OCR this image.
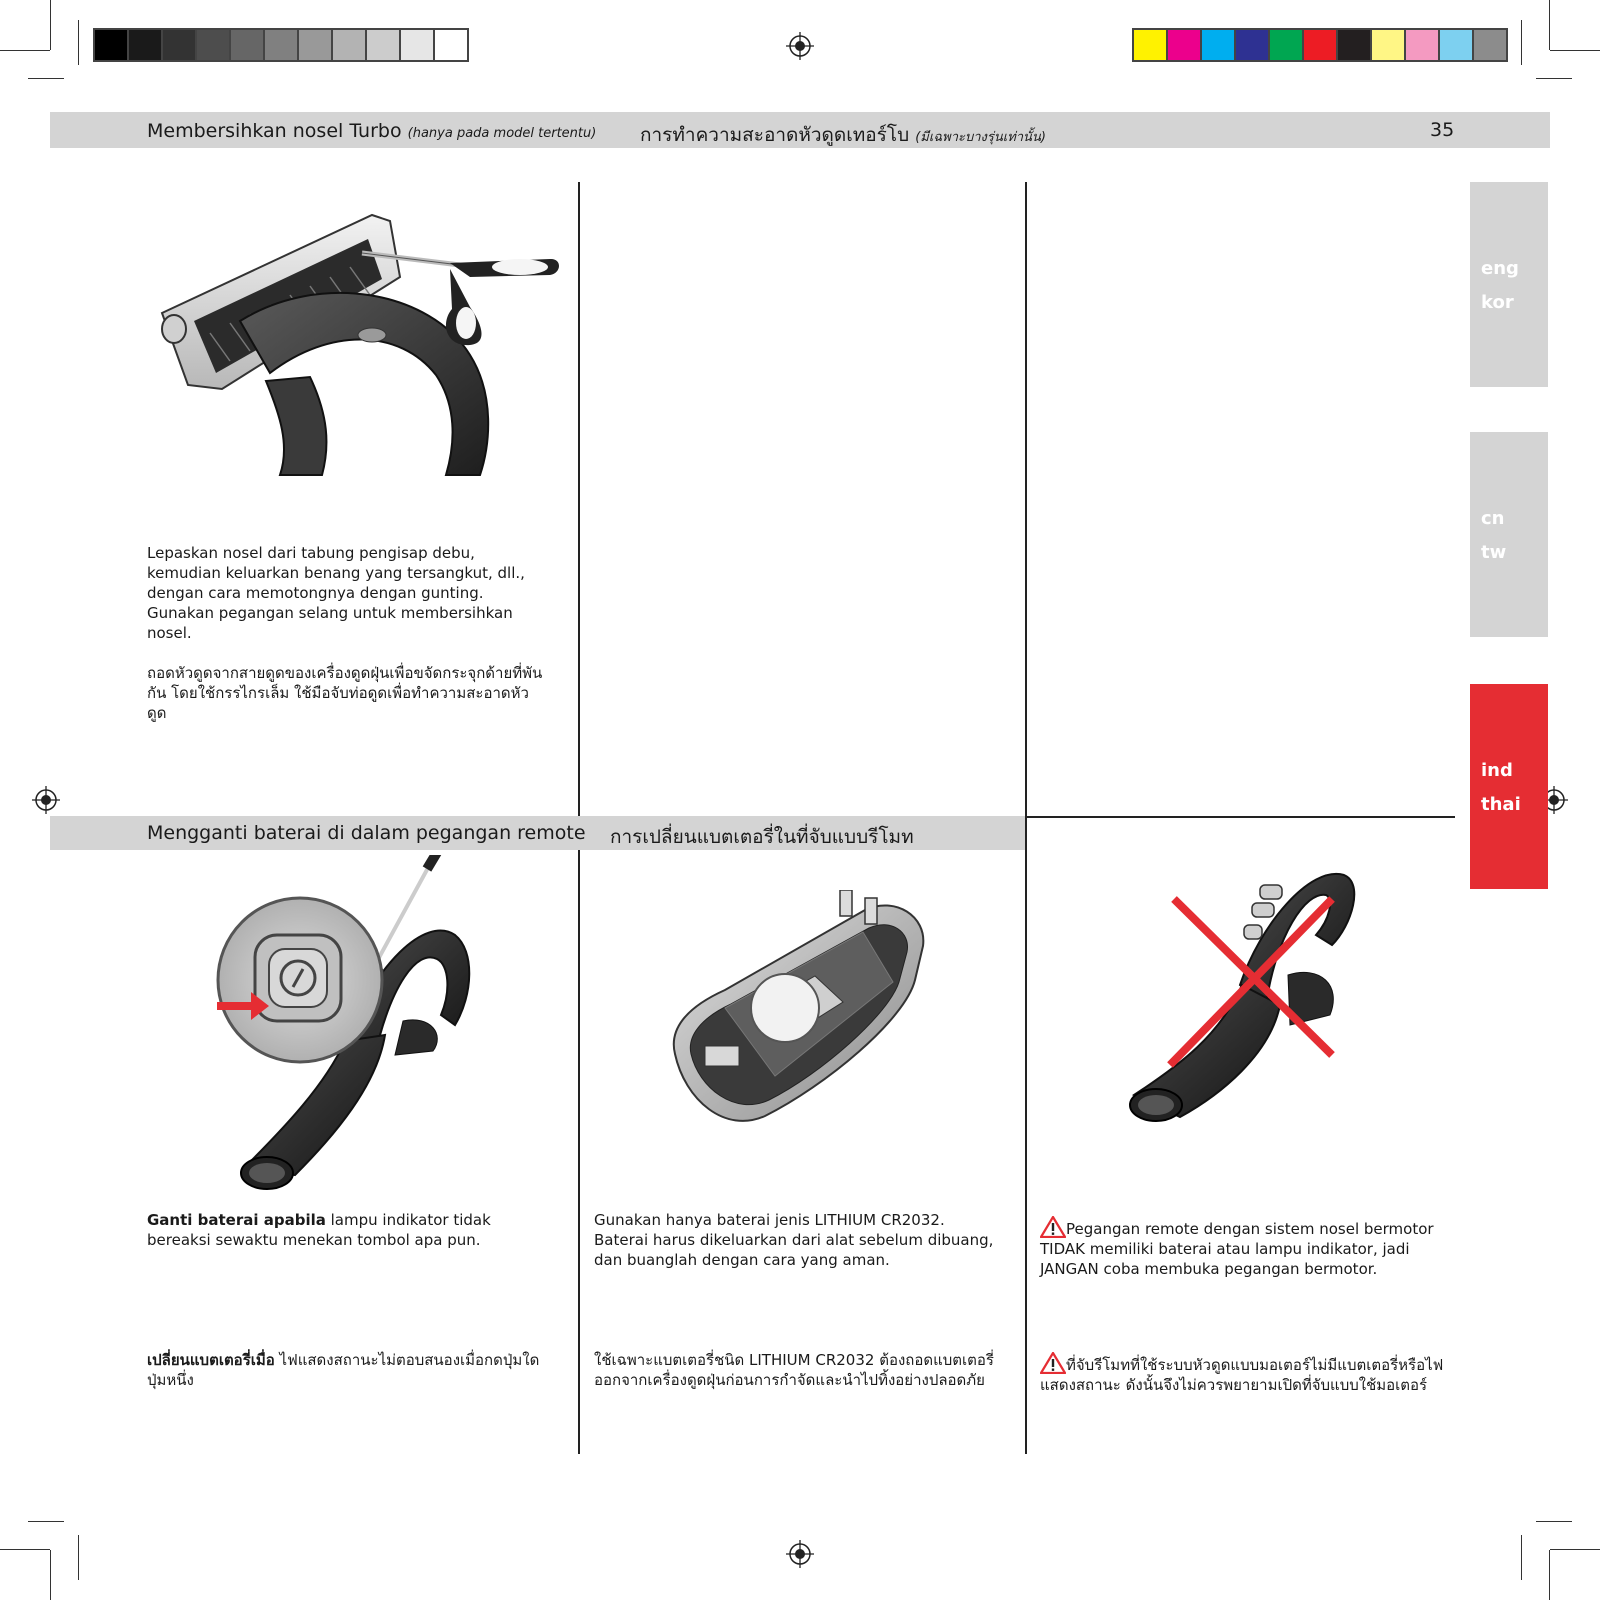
Membersihkan nosel Turbo (hanya pada model tertentu) การทำความสะอาดหัวดูดเทอร์โบ (มีเฉพาะบางรุ่นเท่านั้น)	35
Mengganti baterai di dalam pegangan remote การเปลี่ยนแบตเตอรี่ในที่จับแบบรีโมท
eng
kor
cn
tw
ind
thai
Lepaskan nosel dari tabung pengisap debu, kemudian keluarkan benang yang tersangkut, dll., dengan cara memotongnya dengan gunting. Gunakan pegangan selang untuk membersihkan nosel.
ถอดหัวดูดจากสายดูดของเครื่องดูดฝุ่นเพื่อขจัดกระจุกด้ายที่พันกัน โดยใช้กรรไกรเล็ม ใช้มือจับท่อดูดเพื่อทำความสะอาดหัวดูด
Ganti baterai apabila lampu indikator tidak bereaksi sewaktu menekan tombol apa pun.
เปลี่ยนแบตเตอรี่เมื่อ ไฟแสดงสถานะไม่ตอบสนองเมื่อกดปุ่มใดปุ่มหนึ่ง
Gunakan hanya baterai jenis LITHIUM CR2032. Baterai harus dikeluarkan dari alat sebelum dibuang, dan buanglah dengan cara yang aman.
ใช้เฉพาะแบตเตอรี่ชนิด LITHIUM CR2032 ต้องถอดแบตเตอรี่ออกจากเครื่องดูดฝุ่นก่อนการกำจัดและนำไปทิ้งอย่างปลอดภัย
Pegangan remote dengan sistem nosel bermotor TIDAK memiliki baterai atau lampu indikator, jadi JANGAN coba membuka pegangan bermotor.
ที่จับรีโมทที่ใช้ระบบหัวดูดแบบมอเตอร์ไม่มีแบตเตอรี่หรือไฟแสดงสถานะ ดังนั้นจึงไม่ควรพยายามเปิดที่จับแบบใช้มอเตอร์
